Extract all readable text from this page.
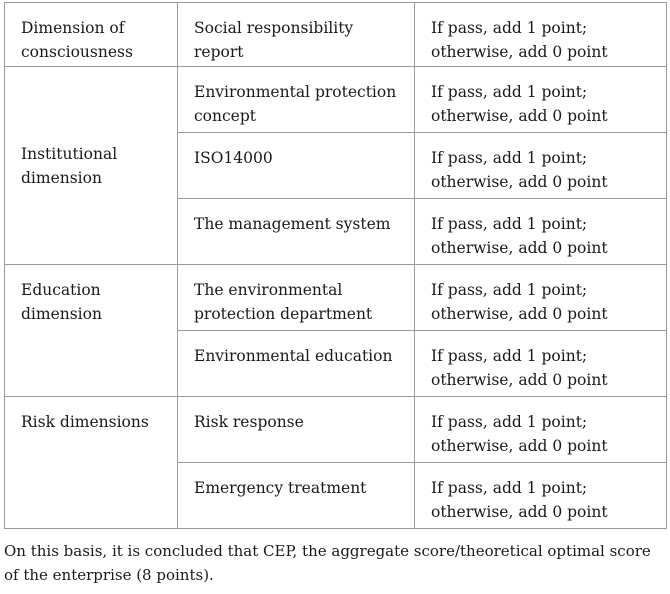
Dimension of consciousness	Social responsibility report	If pass, add 1 point; otherwise, add 0 point
Institutional dimension	Environmental protection concept	If pass, add 1 point; otherwise, add 0 point
	ISO14000	If pass, add 1 point; otherwise, add 0 point
	The management system	If pass, add 1 point; otherwise, add 0 point
Education dimension	The environmental protection department	If pass, add 1 point; otherwise, add 0 point
	Environmental education	If pass, add 1 point; otherwise, add 0 point
Risk dimensions	Risk response	If pass, add 1 point; otherwise, add 0 point
	Emergency treatment	If pass, add 1 point; otherwise, add 0 point
On this basis, it is concluded that CEP, the aggregate score/theoretical optimal score of the enterprise (8 points).
